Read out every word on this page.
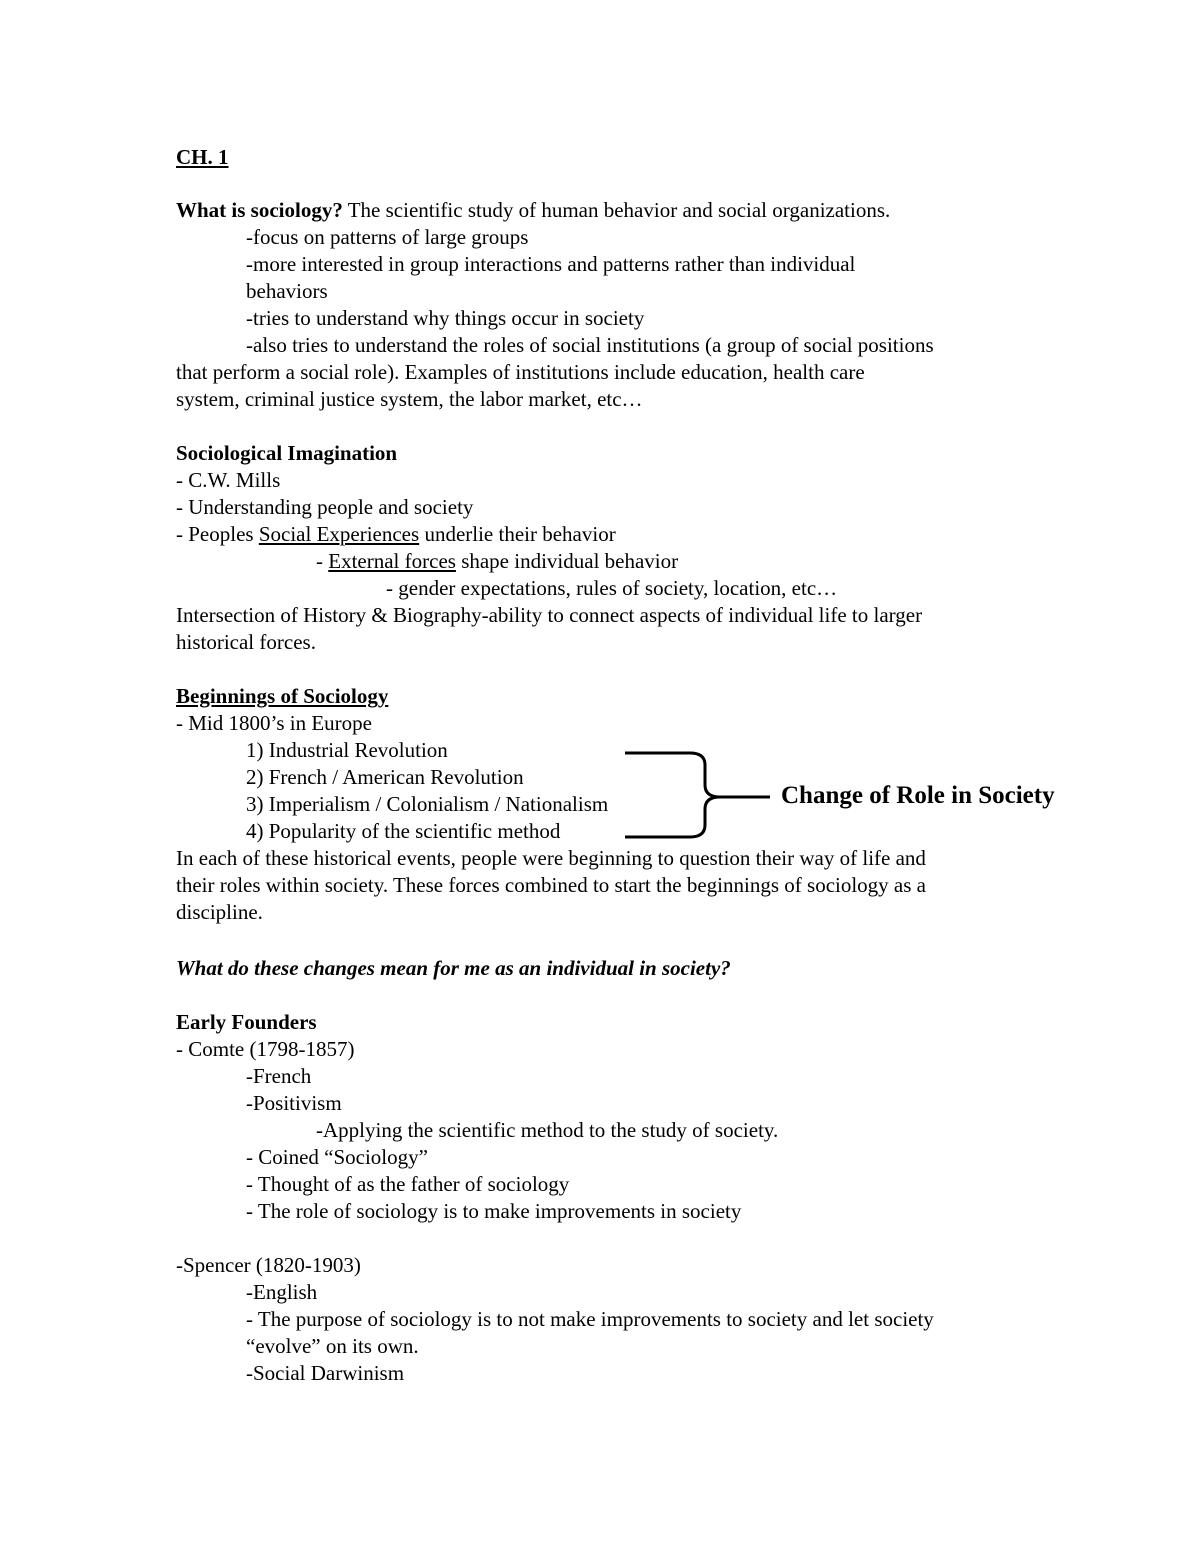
CH. 1
What is sociology? The scientific study of human behavior and social organizations.
-focus on patterns of large groups
-more interested in group interactions and patterns rather than individual
behaviors
-tries to understand why things occur in society
-also tries to understand the roles of social institutions (a group of social positions
that perform a social role). Examples of institutions include education, health care
system, criminal justice system, the labor market, etc…
Sociological Imagination
- C.W. Mills
- Understanding people and society
- Peoples Social Experiences underlie their behavior
- External forces shape individual behavior
- gender expectations, rules of society, location, etc…
Intersection of History & Biography-ability to connect aspects of individual life to larger
historical forces.
Beginnings of Sociology
- Mid 1800’s in Europe
1) Industrial Revolution
2) French / American Revolution
3) Imperialism / Colonialism / Nationalism
4) Popularity of the scientific method
Change of Role in Society
In each of these historical events, people were beginning to question their way of life and
their roles within society. These forces combined to start the beginnings of sociology as a
discipline.
What do these changes mean for me as an individual in society?
Early Founders
- Comte (1798-1857)
-French
-Positivism
-Applying the scientific method to the study of society.
- Coined “Sociology”
- Thought of as the father of sociology
- The role of sociology is to make improvements in society
-Spencer (1820-1903)
-English
- The purpose of sociology is to not make improvements to society and let society
“evolve” on its own.
-Social Darwinism
